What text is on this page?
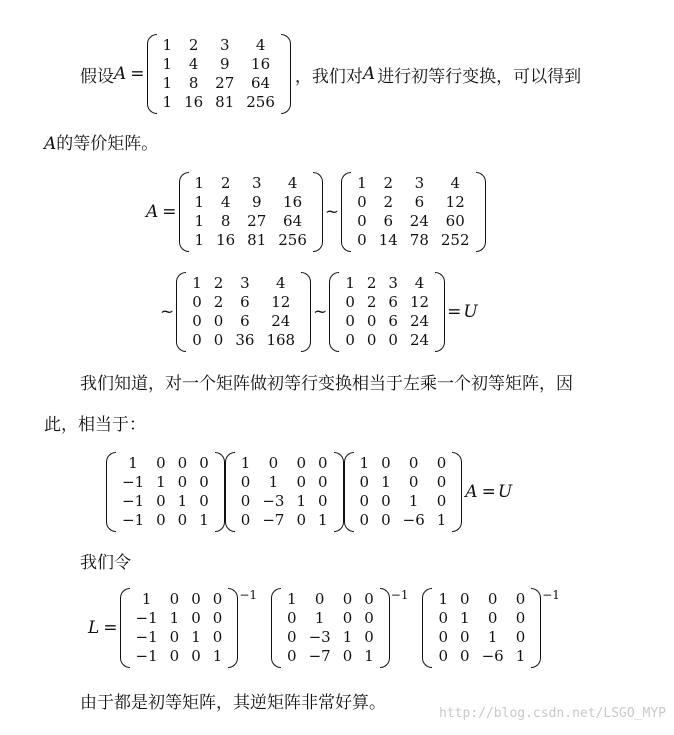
假设 A =
1	2	3	4
1	4	9	16
1	8	27	64
1	16	81	256
，我们对 A 进行初等行变换，可以得到
A的等价矩阵。
A =
1	2	3	4
1	4	9	16
1	8	27	64
1	16	81	256
~
1	2	3	4
0	2	6	12
0	6	24	60
0	14	78	252
~
1	2	3	4
0	2	6	12
0	0	6	24
0	0	36	168
~
1	2	3	4
0	2	6	12
0	0	6	24
0	0	0	24
= U
我们知道，对一个矩阵做初等行变换相当于左乘一个初等矩阵，因
此，相当于：
1	0	0	0
−1	1	0	0
−1	0	1	0
−1	0	0	1
1	0	0	0
0	1	0	0
0	−3	1	0
0	−7	0	1
1	0	0	0
0	1	0	0
0	0	1	0
0	0	−6	1
A = U
我们令
L =
1	0	0	0
−1	1	0	0
−1	0	1	0
−1	0	0	1
−1 1	0	0	0
0	1	0	0
0	−3	1	0
0	−7	0	1
−1 1	0	0	0
0	1	0	0
0	0	1	0
0	0	−6	1
−1
由于都是初等矩阵，其逆矩阵非常好算。
http://blog.csdn.net/LSGO_MYP
